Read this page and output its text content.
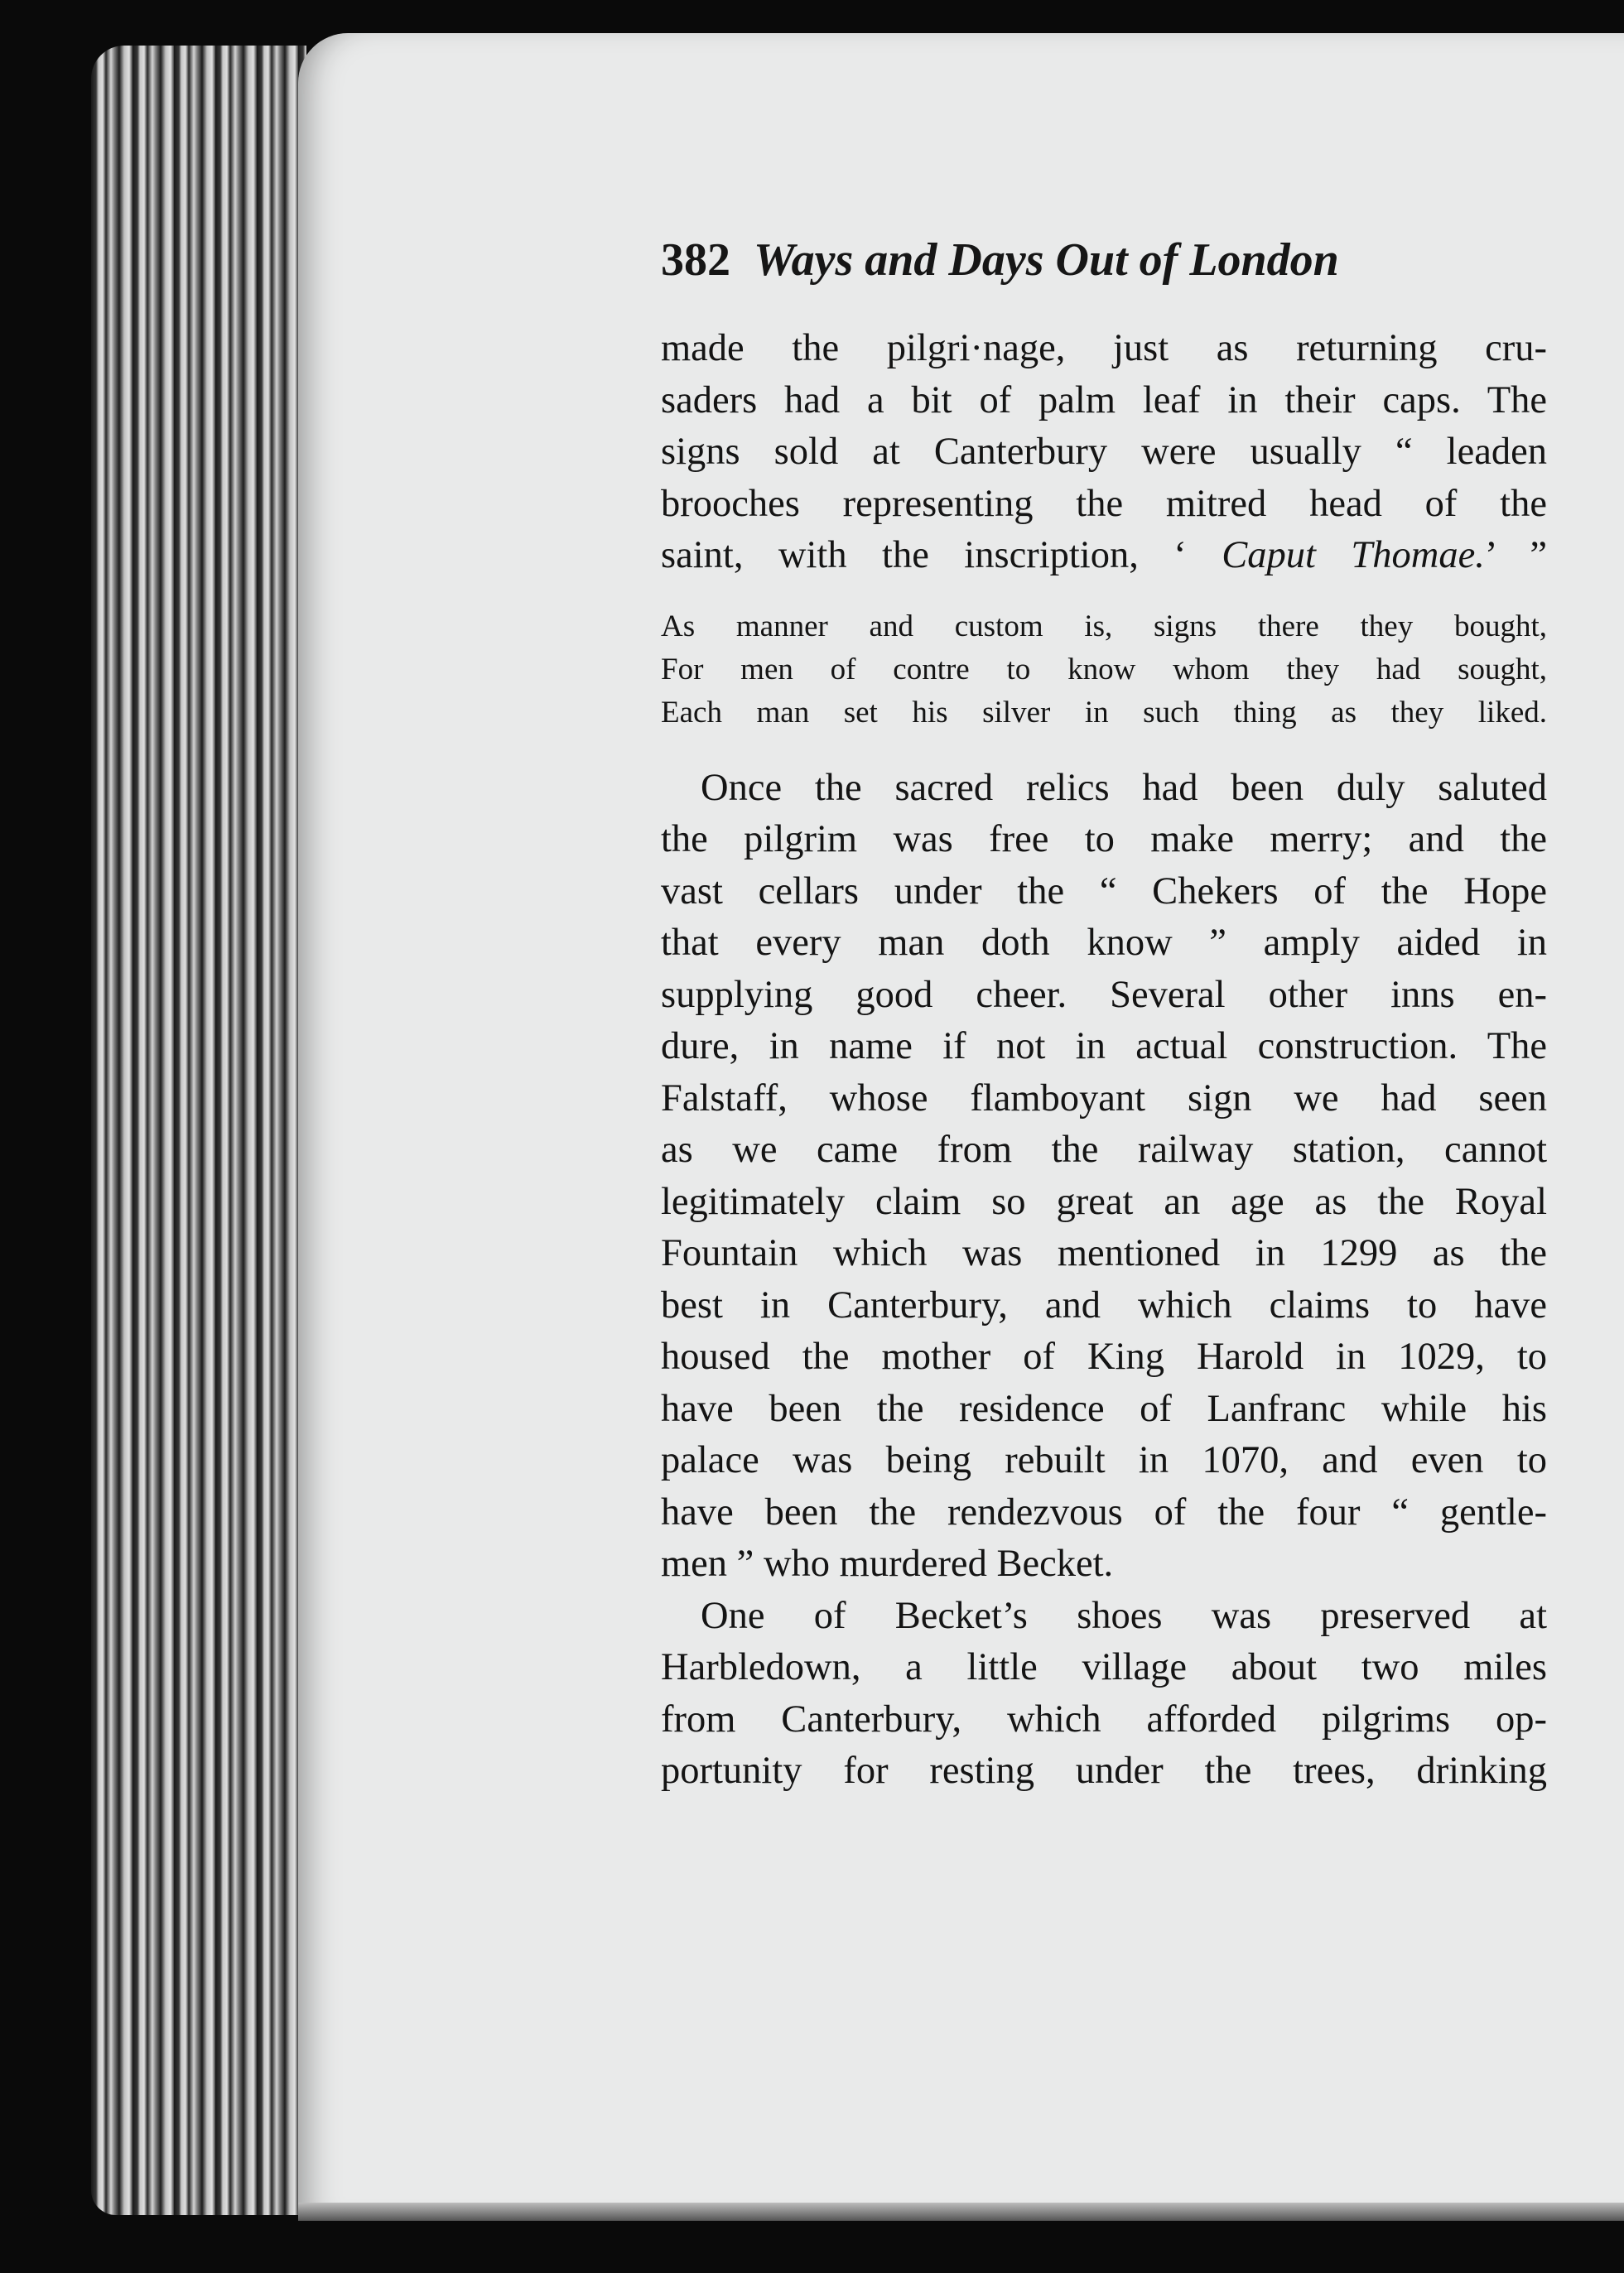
382 Ways and Days Out of London
made the pilgri·nage, just as returning cru-
saders had a bit of palm leaf in their caps. The
signs sold at Canterbury were usually “ leaden
brooches representing the mitred head of the
saint, with the inscription, ‘ Caput Thomae.’ ”
As manner and custom is, signs there they bought,
For men of contre to know whom they had sought,
Each man set his silver in such thing as they liked.
Once the sacred relics had been duly saluted
the pilgrim was free to make merry; and the
vast cellars under the “ Chekers of the Hope
that every man doth know ” amply aided in
supplying good cheer. Several other inns en-
dure, in name if not in actual construction. The
Falstaff, whose flamboyant sign we had seen
as we came from the railway station, cannot
legitimately claim so great an age as the Royal
Fountain which was mentioned in 1299 as the
best in Canterbury, and which claims to have
housed the mother of King Harold in 1029, to
have been the residence of Lanfranc while his
palace was being rebuilt in 1070, and even to
have been the rendezvous of the four “ gentle-
men ” who murdered Becket.
One of Becket’s shoes was preserved at
Harbledown, a little village about two miles
from Canterbury, which afforded pilgrims op-
portunity for resting under the trees, drinking
